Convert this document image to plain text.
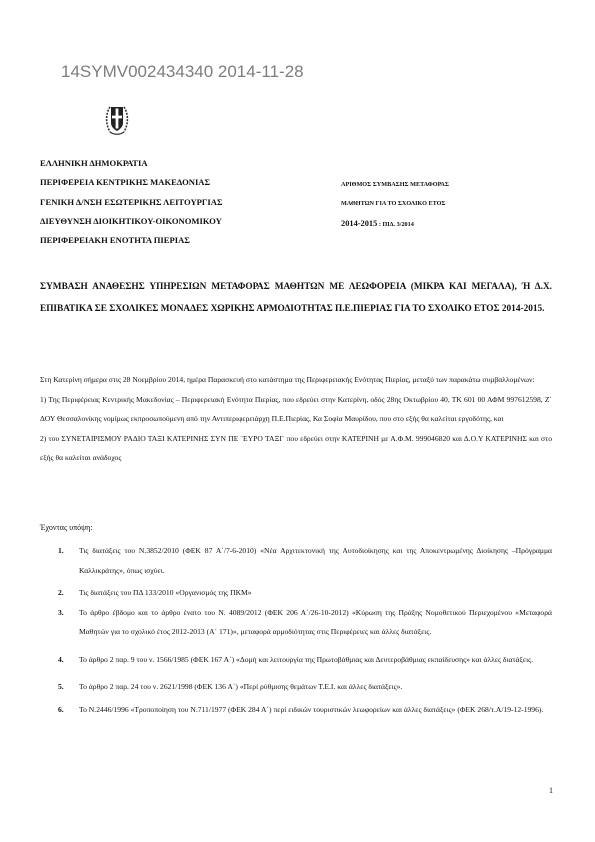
14SYMV002434340 2014-11-28
ΕΛΛΗΝΙΚΗ ΔΗΜΟΚΡΑΤΙΑ
ΠΕΡΙΦΕΡΕΙΑ ΚΕΝΤΡΙΚΗΣ ΜΑΚΕΔΟΝΙΑΣ
ΓΕΝΙΚΗ Δ/ΝΣΗ ΕΣΩΤΕΡΙΚΗΣ ΛΕΙΤΟΥΡΓΙΑΣ
ΔΙΕΥΘΥΝΣΗ ΔΙΟΙΚΗΤΙΚΟΥ-ΟΙΚΟΝΟΜΙΚΟΥ
ΠΕΡΙΦΕΡΕΙΑΚΗ ΕΝΟΤΗΤΑ ΠΙΕΡΙΑΣ
ΑΡΙΘΜΟΣ ΣΥΜΒΑΣΗΣ ΜΕΤΑΦΟΡΑΣ
ΜΑΘΗΤΩΝ ΓΙΑ ΤΟ ΣΧΟΛΙΚΟ ΕΤΟΣ
2014-2015 : ΠΙΔ. 3/2014
ΣΥΜΒΑΣΗ ΑΝΑΘΕΣΗΣ ΥΠΗΡΕΣΙΩΝ ΜΕΤΑΦΟΡΑΣ ΜΑΘΗΤΩΝ ΜΕ ΛΕΩΦΟΡΕΙΑ (ΜΙΚΡΑ ΚΑΙ ΜΕΓΑΛΑ), Ή Δ.Χ. ΕΠΙΒΑΤΙΚΑ ΣΕ ΣΧΟΛΙΚΕΣ ΜΟΝΑΔΕΣ ΧΩΡΙΚΗΣ ΑΡΜΟΔΙΟΤΗΤΑΣ Π.Ε.ΠΙΕΡΙΑΣ ΓΙΑ ΤΟ ΣΧΟΛΙΚΟ ΕΤΟΣ 2014-2015.

Στη Κατερίνη σήμερα στις 28 Νοεμβρίου 2014, ημέρα Παρασκευή στο κατάστημα της Περιφερειακής Ενότητας Πιερίας, μεταξύ των παρακάτω συμβαλλομένων:

1) Της Περιφέρειας Κεντρικής Μακεδονίας – Περιφερειακή Ενότητα Πιερίας, που εδρεύει στην Κατερίνη, οδός 28ης Οκτωβρίου 40, ΤΚ 601 00 ΑΦΜ 997612598, Ζ΄ ΔΟΥ Θεσσαλονίκης νομίμως εκπροσωπούμενη από την Αντιπεριφερειάρχη Π.Ε.Πιερίας, Κα Σοφία Μαυρίδου, που στο εξής θα καλείται εργοδότης, και

2) του ΣΥΝΕΤΑΙΡΙΣΜΟΥ ΡΑΔΙΟ ΤΑΞΙ ΚΑΤΕΡΙΝΗΣ ΣΥΝ ΠΕ ¨ΕΥΡΟ ΤΑΞΙ¨ που εδρεύει στην ΚΑΤΕΡΙΝΗ με Α.Φ.Μ. 999046820 και Δ.Ο.Υ ΚΑΤΕΡΙΝΗΣ και στο εξής θα καλείται ανάδοχος

Έχοντας υπόψη:
1. Τις διατάξεις του Ν.3852/2010 (ΦΕΚ 87 Α΄/7-6-2010) «Νέα Αρχιτεκτονική της Αυτοδιοίκησης και της Αποκεντρωμένης Διοίκησης –Πρόγραμμα Καλλικράτης», όπως ισχύει.
2. Τις διατάξεις του ΠΔ 133/2010 «Οργανισμός της ΠΚΜ»
3. Το άρθρο έβδομο και το άρθρο ένατο του Ν. 4089/2012 (ΦΕΚ 206 Α΄/26-10-2012) «Κύρωση της Πράξης Νομοθετικού Περιεχομένου «Μεταφορά Μαθητών για το σχολικό έτος 2012-2013 (Α΄ 171)», μεταφορά αρμοδιότητας στις Περιφέρειες και άλλες διατάξεις.
4. Το άρθρο 2 παρ. 9 του ν. 1566/1985 (ΦΕΚ 167 Α΄) «Δομή και λειτουργία της Πρωτοβάθμιας και Δευτεροβάθμιας εκπαίδευσης» και άλλες διατάξεις.
5. Το άρθρο 2 παρ. 24 του ν. 2621/1998 (ΦΕΚ 136 Α΄) «Περί ρύθμισης θεμάτων Τ.Ε.Ι. και άλλες διατάξεις».
6. Το Ν.2446/1996 «Τροποποίηση του Ν.711/1977 (ΦΕΚ 284 Α΄) περί ειδικών τουριστικών λεωφορείων και άλλες διατάξεις» (ΦΕΚ 268/τ.Α/19-12-1996).
1
